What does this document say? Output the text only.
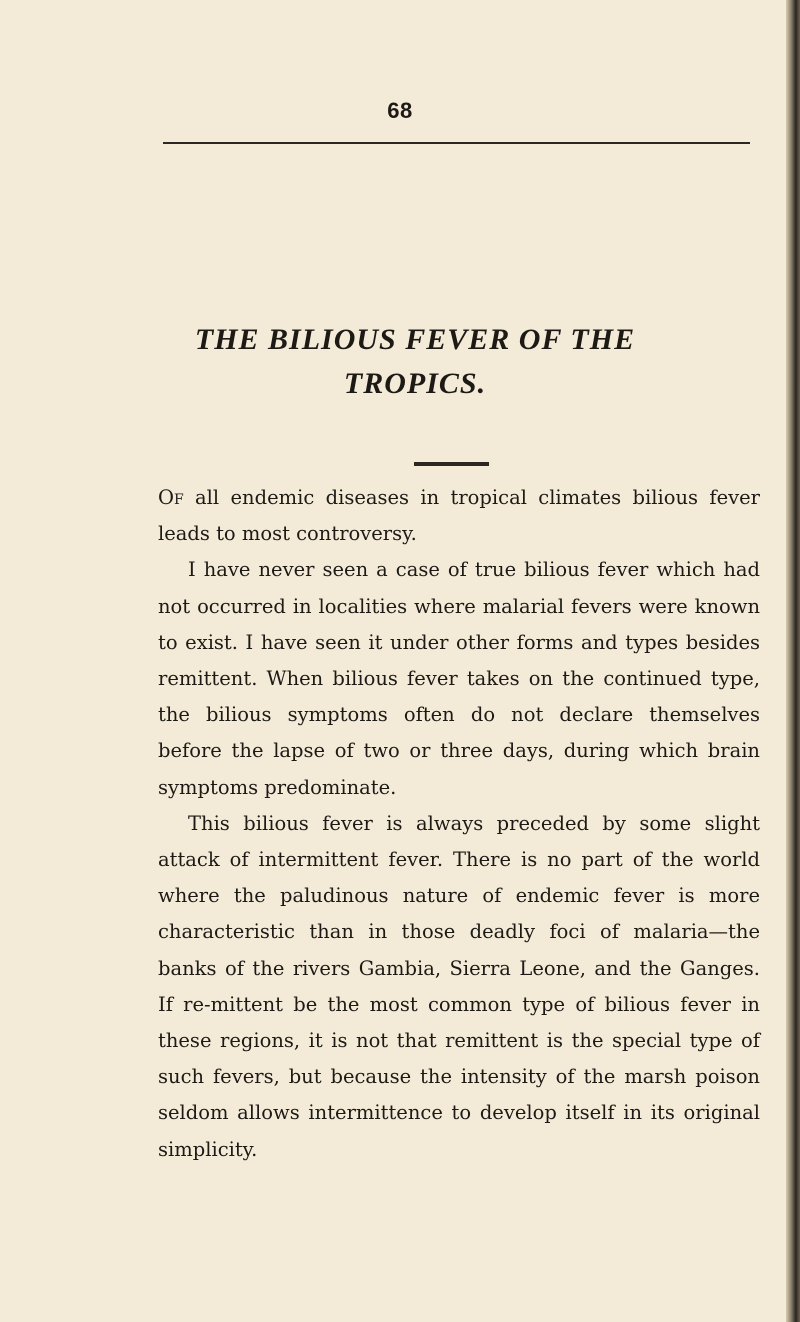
68
THE BILIOUS FEVER OF THE
TROPICS.

Of all endemic diseases in tropical climates bilious fever leads to most controversy.

I have never seen a case of true bilious fever which had not occurred in localities where malarial fevers were known to exist. I have seen it under other forms and types besides remittent. When bilious fever takes on the continued type, the bilious symptoms often do not declare themselves before the lapse of two or three days, during which brain symptoms predominate.

This bilious fever is always preceded by some slight attack of intermittent fever. There is no part of the world where the paludinous nature of endemic fever is more characteristic than in those deadly foci of malaria—the banks of the rivers Gambia, Sierra Leone, and the Ganges. If re-mittent be the most common type of bilious fever in these regions, it is not that remittent is the special type of such fevers, but because the intensity of the marsh poison seldom allows intermittence to develop itself in its original simplicity.
